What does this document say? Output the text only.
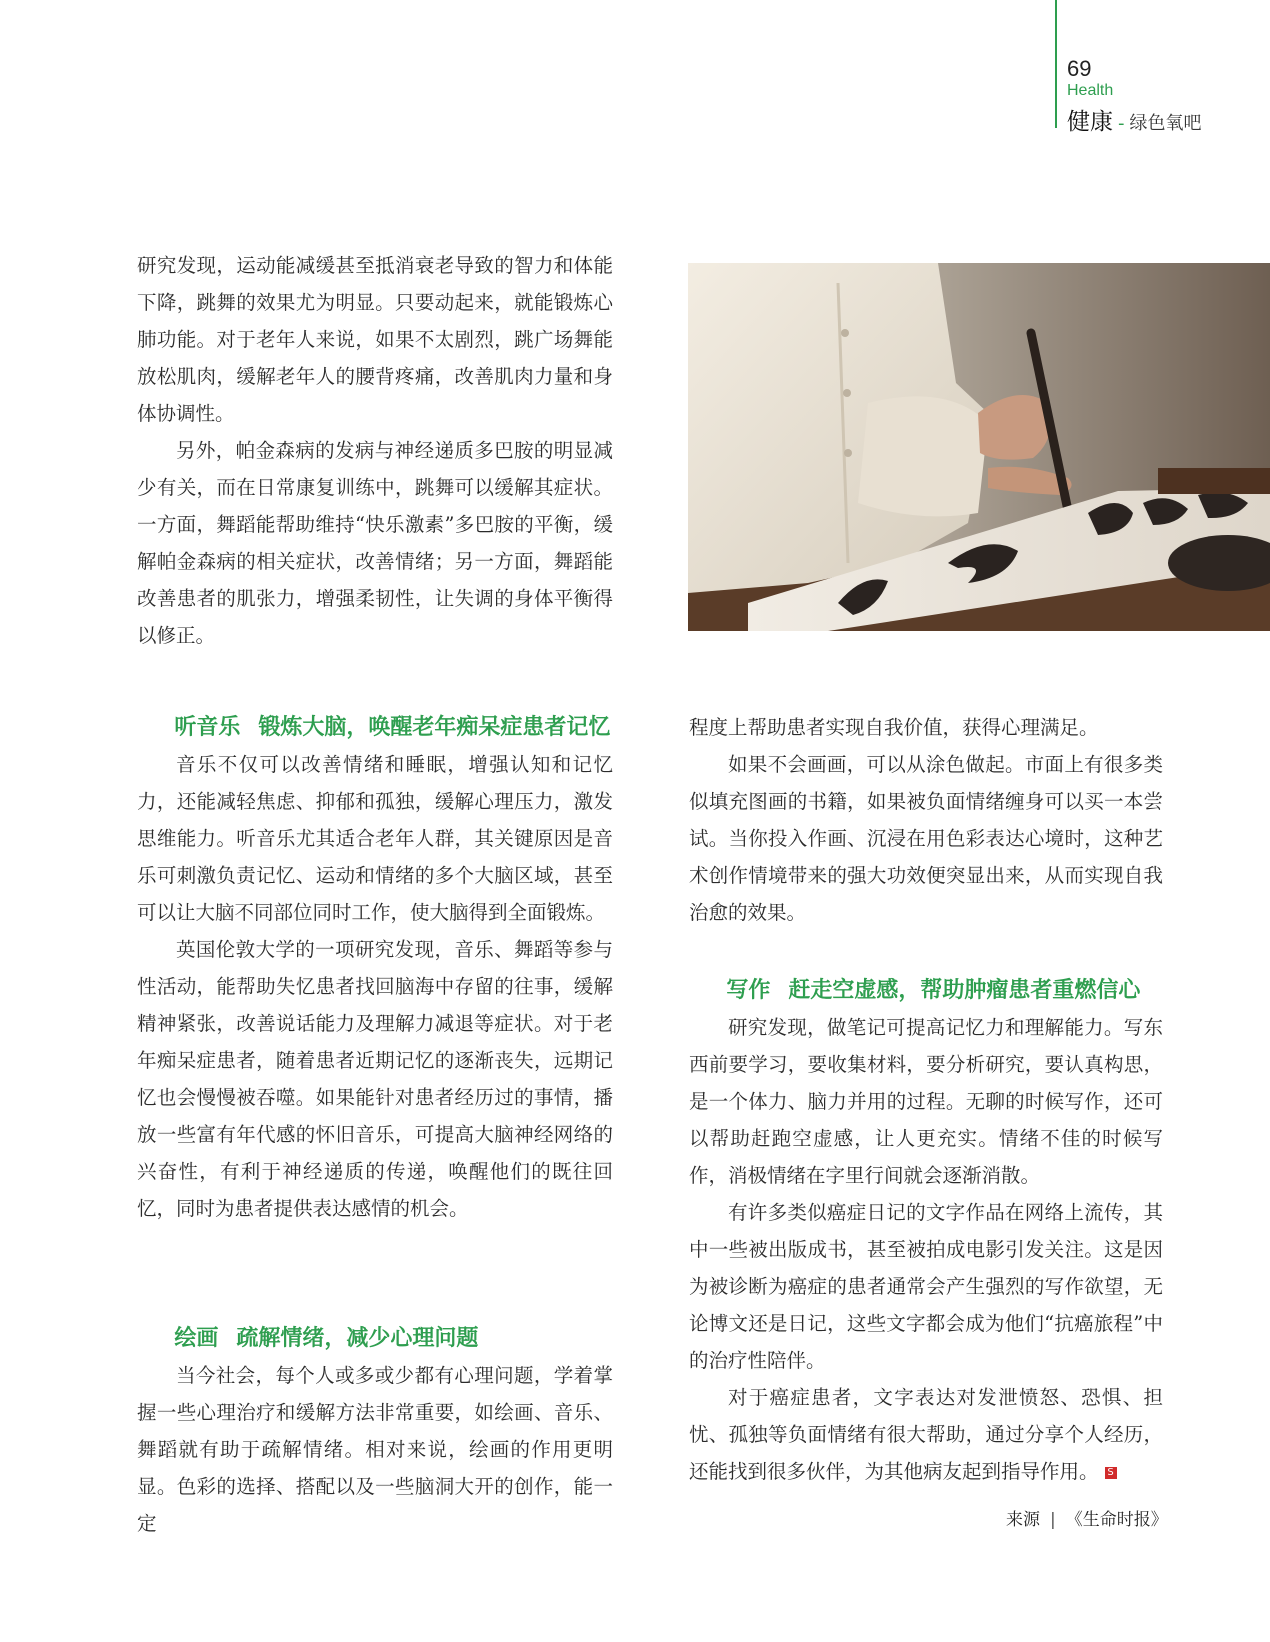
69
Health
健康 - 绿色氧吧

研究发现，运动能减缓甚至抵消衰老导致的智力和体能下降，跳舞的效果尤为明显。只要动起来，就能锻炼心肺功能。对于老年人来说，如果不太剧烈，跳广场舞能放松肌肉，缓解老年人的腰背疼痛，改善肌肉力量和身体协调性。

另外，帕金森病的发病与神经递质多巴胺的明显减少有关，而在日常康复训练中，跳舞可以缓解其症状。一方面，舞蹈能帮助维持“快乐激素”多巴胺的平衡，缓解帕金森病的相关症状，改善情绪；另一方面，舞蹈能改善患者的肌张力，增强柔韧性，让失调的身体平衡得以修正。

听音乐 锻炼大脑，唤醒老年痴呆症患者记忆

音乐不仅可以改善情绪和睡眠，增强认知和记忆力，还能减轻焦虑、抑郁和孤独，缓解心理压力，激发思维能力。听音乐尤其适合老年人群，其关键原因是音乐可刺激负责记忆、运动和情绪的多个大脑区域，甚至可以让大脑不同部位同时工作，使大脑得到全面锻炼。

英国伦敦大学的一项研究发现，音乐、舞蹈等参与性活动，能帮助失忆患者找回脑海中存留的往事，缓解精神紧张，改善说话能力及理解力减退等症状。对于老年痴呆症患者，随着患者近期记忆的逐渐丧失，远期记忆也会慢慢被吞噬。如果能针对患者经历过的事情，播放一些富有年代感的怀旧音乐，可提高大脑神经网络的兴奋性，有利于神经递质的传递，唤醒他们的既往回忆，同时为患者提供表达感情的机会。

绘画 疏解情绪，减少心理问题

当今社会，每个人或多或少都有心理问题，学着掌握一些心理治疗和缓解方法非常重要，如绘画、音乐、舞蹈就有助于疏解情绪。相对来说，绘画的作用更明显。色彩的选择、搭配以及一些脑洞大开的创作，能一定

程度上帮助患者实现自我价值，获得心理满足。

如果不会画画，可以从涂色做起。市面上有很多类似填充图画的书籍，如果被负面情绪缠身可以买一本尝试。当你投入作画、沉浸在用色彩表达心境时，这种艺术创作情境带来的强大功效便突显出来，从而实现自我治愈的效果。

写作 赶走空虚感，帮助肿瘤患者重燃信心

研究发现，做笔记可提高记忆力和理解能力。写东西前要学习，要收集材料，要分析研究，要认真构思，是一个体力、脑力并用的过程。无聊的时候写作，还可以帮助赶跑空虚感，让人更充实。情绪不佳的时候写作，消极情绪在字里行间就会逐渐消散。

有许多类似癌症日记的文字作品在网络上流传，其中一些被出版成书，甚至被拍成电影引发关注。这是因为被诊断为癌症的患者通常会产生强烈的写作欲望，无论博文还是日记，这些文字都会成为他们“抗癌旅程”中的治疗性陪伴。

对于癌症患者，文字表达对发泄愤怒、恐惧、担忧、孤独等负面情绪有很大帮助，通过分享个人经历，还能找到很多伙伴，为其他病友起到指导作用。 S

来源 | 《生命时报》
